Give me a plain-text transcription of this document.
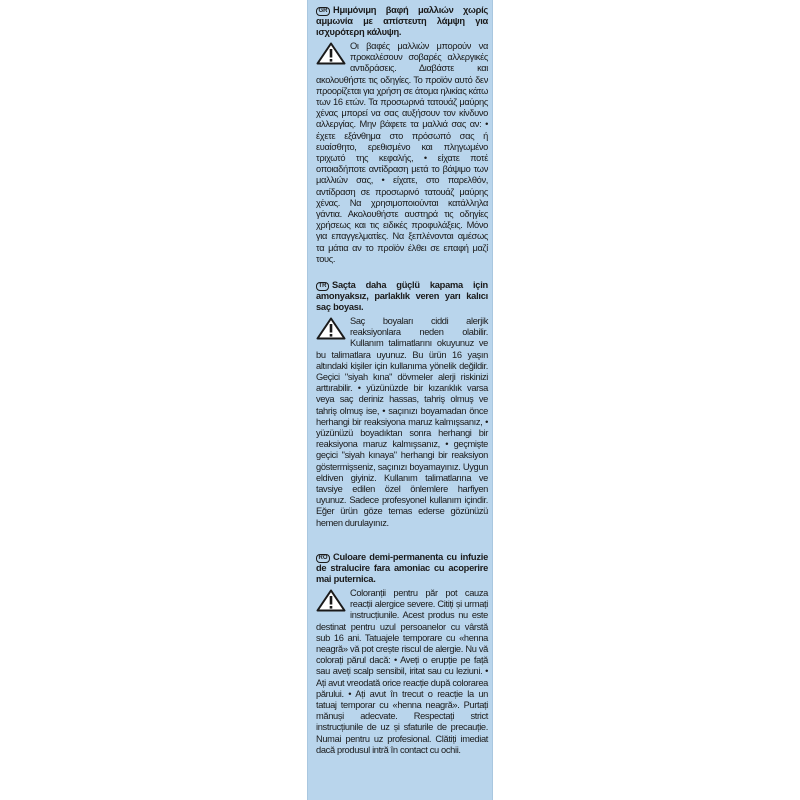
GR Ημιμόνιμη βαφή μαλλιών χωρίς αμμωνία με απίστευτη λάμψη για ισχυρότερη κάλυψη.
Οι βαφές μαλλιών μπορούν να προκαλέσουν σοβαρές αλλεργικές αντιδράσεις. Διαβάστε και ακολουθήστε τις οδηγίες. Το προϊόν αυτό δεν προορίζεται για χρήση σε άτομα ηλικίας κάτω των 16 ετών. Τα προσωρινά τατουάζ μαύρης χένας μπορεί να σας αυξήσουν τον κίνδυνο αλλεργίας. Μην βάφετε τα μαλλιά σας αν: • έχετε εξάνθημα στο πρόσωπό σας ή ευαίσθητο, ερεθισμένο και πληγωμένο τριχωτό της κεφαλής, • είχατε ποτέ οποιαδήποτε αντίδραση μετά το βάψιμο των μαλλιών σας, • είχατε, στο παρελθόν, αντίδραση σε προσωρινό τατουάζ μαύρης χένας. Να χρησιμοποιούνται κατάλληλα γάντια. Ακολουθήστε αυστηρά τις οδηγίες χρήσεως και τις ειδικές προφυλάξεις. Μόνο για επαγγελματίες. Να ξεπλένονται αμέσως τα μάτια αν το προϊόν έλθει σε επαφή μαζί τους.
TR Saçta daha güçlü kapama için amonyaksız, parlaklık veren yarı kalıcı saç boyası.
Saç boyaları ciddi alerjik reaksiyonlara neden olabilir. Kullanım talimatlarını okuyunuz ve bu talimatlara uyunuz. Bu ürün 16 yaşın altındaki kişiler için kullanıma yönelik değildir. Geçici "siyah kına" dövmeler alerji riskinizi arttırabilir. • yüzünüzde bir kızarıklık varsa veya saç deriniz hassas, tahriş olmuş ve tahriş olmuş ise, • saçınızı boyamadan önce herhangi bir reaksiyona maruz kalmışsanız, • yüzünüzü boyadıktan sonra herhangi bir reaksiyona maruz kalmışsanız, • geçmişte geçici "siyah kınaya" herhangi bir reaksiyon göstermişseniz, saçınızı boyamayınız. Uygun eldiven giyiniz. Kullanım talimatlarına ve tavsiye edilen özel önlemlere harfiyen uyunuz. Sadece profesyonel kullanım içindir. Eğer ürün göze temas ederse gözünüzü hemen durulayınız.
RO Culoare demi-permanenta cu infuzie de stralucire fara amoniac cu acoperire mai puternica.
Coloranții pentru păr pot cauza reacții alergice severe. Citiți și urmați instrucțiunile. Acest produs nu este destinat pentru uzul persoanelor cu vârstă sub 16 ani. Tatuajele temporare cu «henna neagră» vă pot crește riscul de alergie. Nu vă colorați părul dacă: • Aveți o erupție pe față sau aveți scalp sensibil, iritat sau cu leziuni. • Ați avut vreodată orice reacție după colorarea părului. • Ați avut în trecut o reacție la un tatuaj temporar cu «henna neagră». Purtați mănuși adecvate. Respectați strict instrucțiunile de uz și sfaturile de precauție. Numai pentru uz profesional. Clătiți imediat dacă produsul intră în contact cu ochii.
